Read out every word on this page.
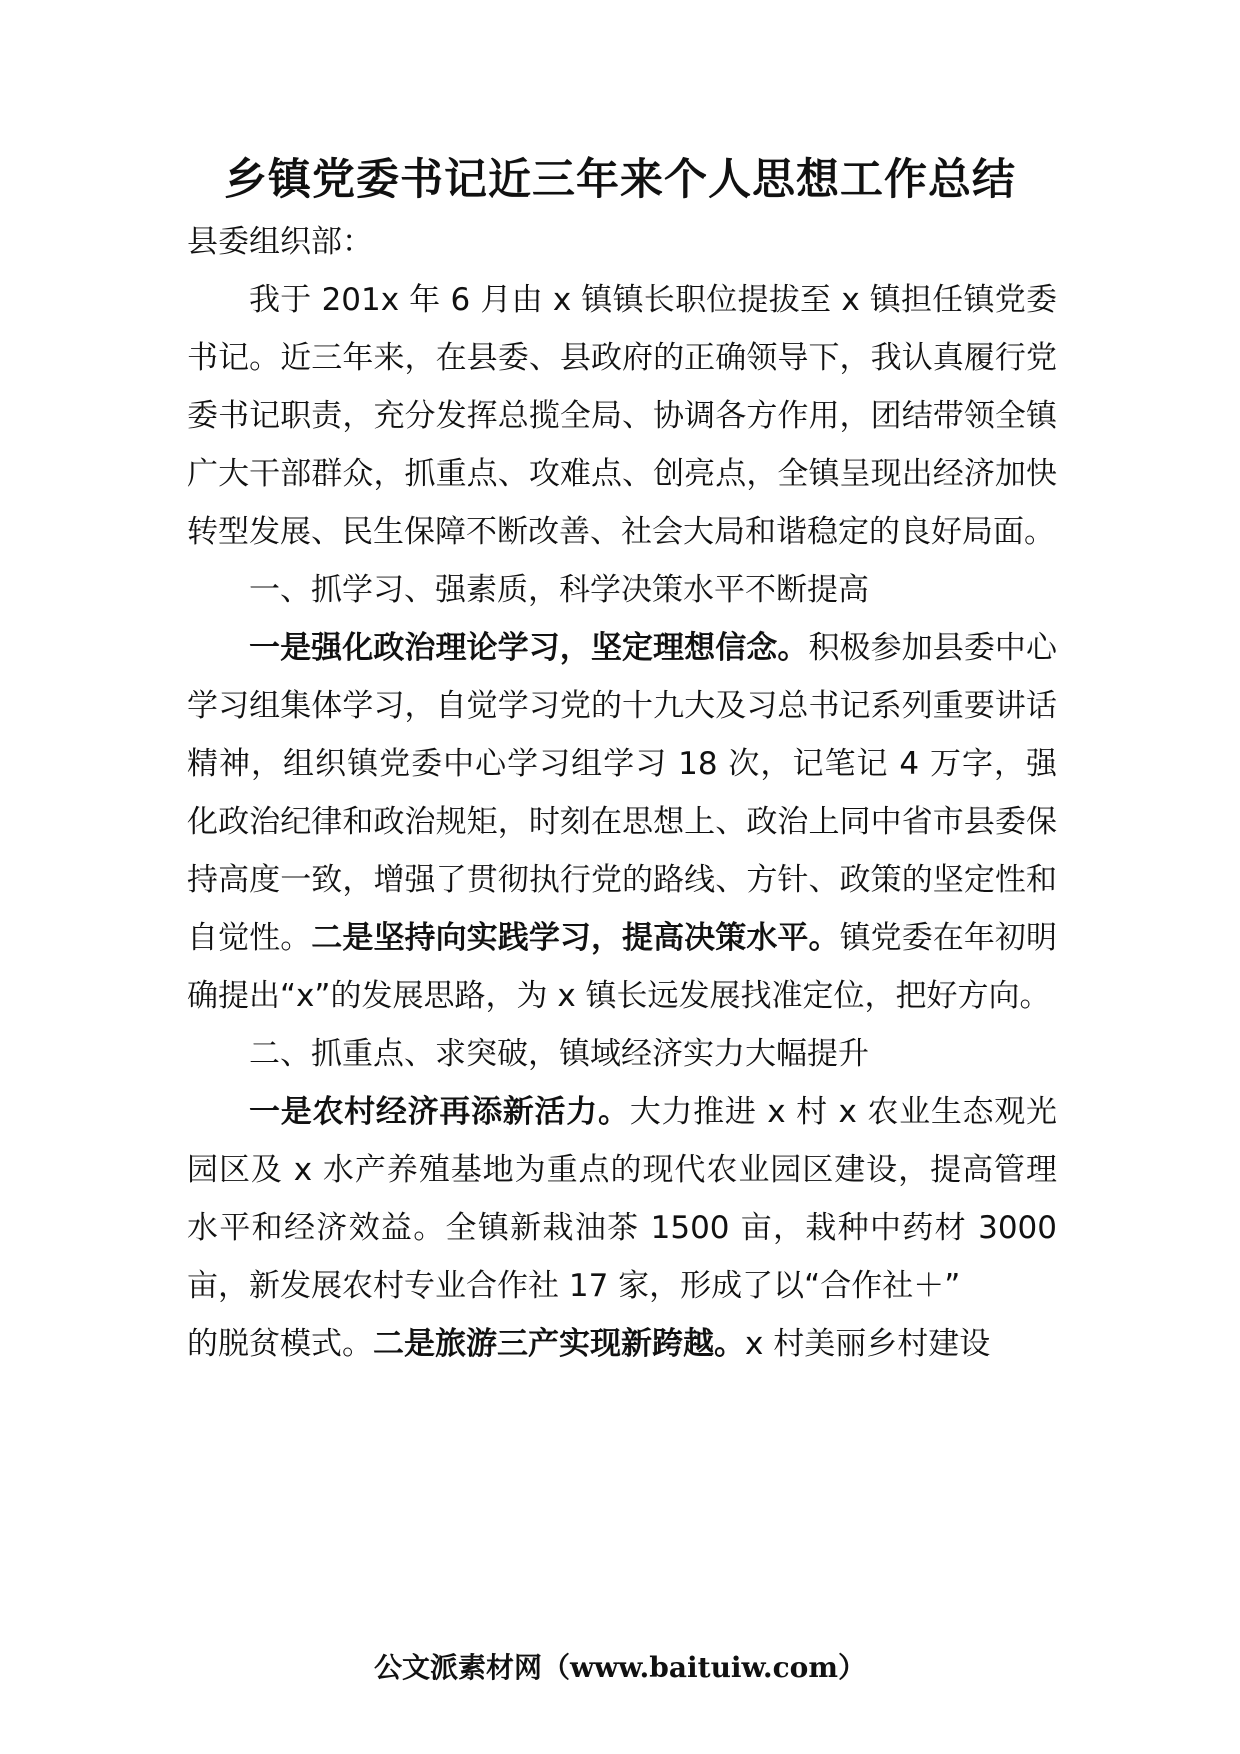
乡镇党委书记近三年来个人思想工作总结

县委组织部：

我于 201x 年 6 月由 x 镇镇长职位提拔至 x 镇担任镇党委书记。近三年来，在县委、县政府的正确领导下，我认真履行党委书记职责，充分发挥总揽全局、协调各方作用，团结带领全镇广大干部群众，抓重点、攻难点、创亮点，全镇呈现出经济加快转型发展、民生保障不断改善、社会大局和谐稳定的良好局面。

一、抓学习、强素质，科学决策水平不断提高

一是强化政治理论学习，坚定理想信念。积极参加县委中心学习组集体学习，自觉学习党的十九大及习总书记系列重要讲话精神，组织镇党委中心学习组学习 18 次，记笔记 4 万字，强化政治纪律和政治规矩，时刻在思想上、政治上同中省市县委保持高度一致，增强了贯彻执行党的路线、方针、政策的坚定性和自觉性。二是坚持向实践学习，提高决策水平。镇党委在年初明确提出“x”的发展思路，为 x 镇长远发展找准定位，把好方向。

二、抓重点、求突破，镇域经济实力大幅提升

一是农村经济再添新活力。大力推进 x 村 x 农业生态观光园区及 x 水产养殖基地为重点的现代农业园区建设，提高管理水平和经济效益。全镇新栽油茶 1500 亩，栽种中药材 3000 亩，新发展农村专业合作社 17 家，形成了以“合作社＋”

的脱贫模式。二是旅游三产实现新跨越。x 村美丽乡村建设

公文派素材网（www.baituiw.com）
